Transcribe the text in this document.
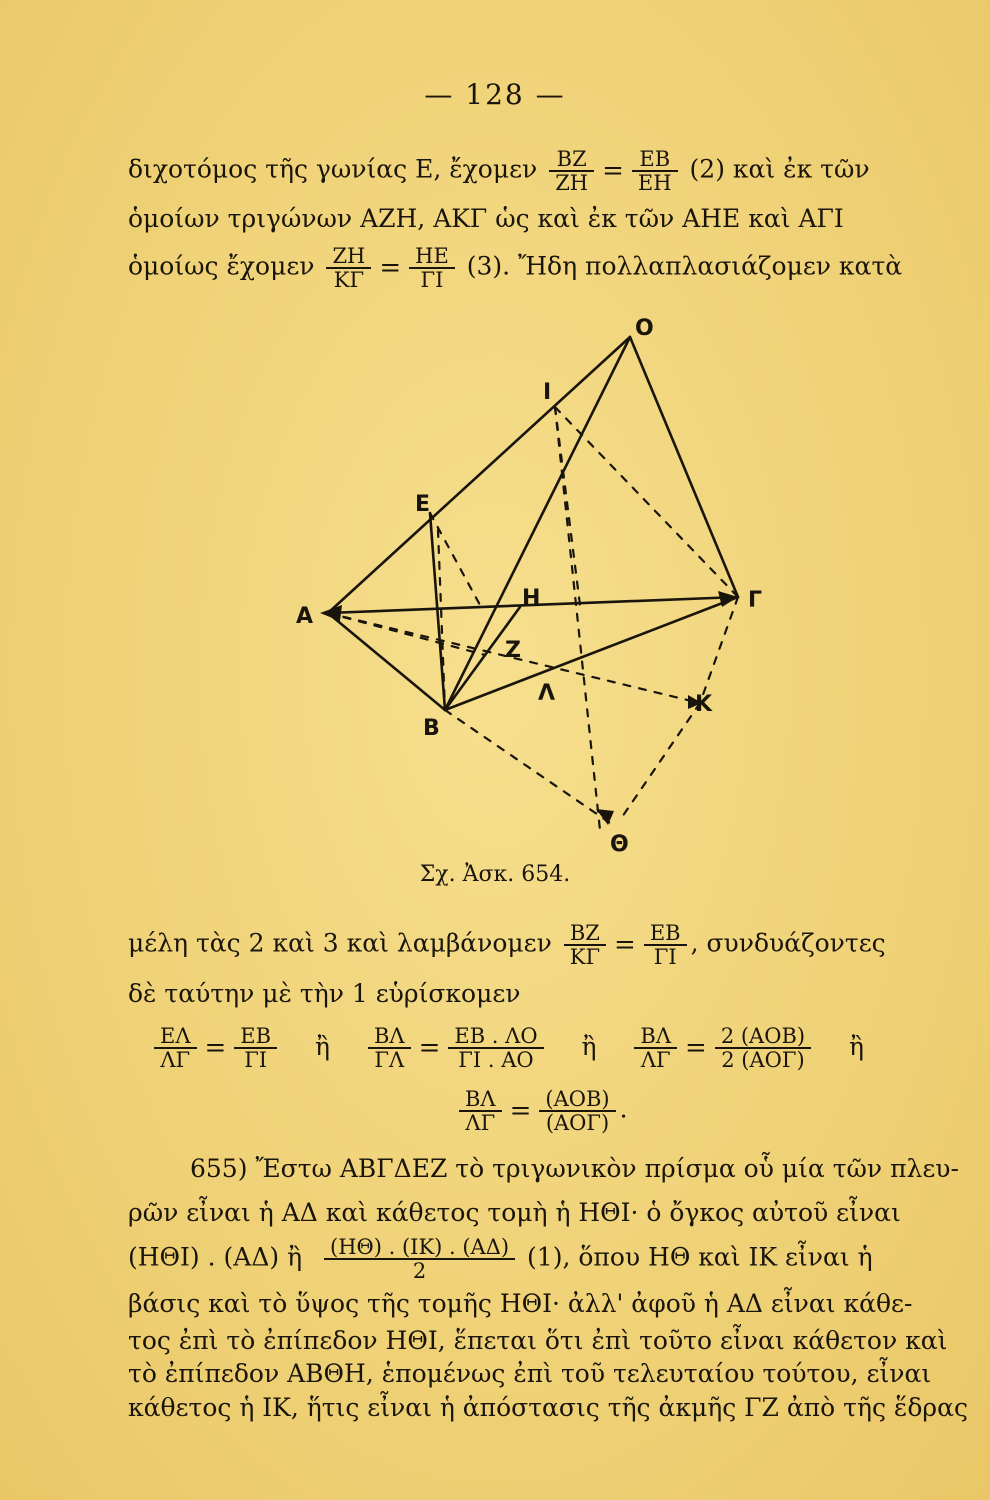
— 128 —
διχοτόμος τῆς γωνίας Ε, ἔχομεν $\frac{BZ}{ZH} = \frac{EB}{EH} (2)$ καὶ ἐκ τῶν
ὁμοίων τριγώνων ΑΖΗ, ΑΚΓ ὡς καὶ ἐκ τῶν ΑΗΕ καὶ ΑΓΙ
ὁμοίως ἔχομεν $\frac{ZH}{K\Gamma} = \frac{HE}{\Gamma I} (3)$. Ἤδη πολλαπλασιάζομεν κατὰ
O
I
E
A
H	Γ
Z
Λ
B
K
Θ
Σχ. Ἀσκ. 654.
μέλη τὰς 2 καὶ 3 καὶ λαμβάνομεν $\frac{BZ}{K\Gamma} = \frac{EB}{\Gamma I}$ , συνδυάζοντες
δὲ ταύτην μὲ τὴν 1 εὑρίσκομεν
$\frac{E\Lambda}{\Lambda\Gamma} = \frac{EB}{\Gamma I}$ ἢ $\frac{B\Lambda}{\Gamma\Lambda} = \frac{EB . \Lambda O}{\Gamma I . AO}$ ἢ $\frac{B\Lambda}{\Lambda\Gamma} = \frac{\text{2 (ΑΟΒ)}}{\text{2 (ΑΟΓ)}}$ ἢ
$\frac{B\Lambda}{\Lambda\Gamma} = \frac{\text{(ΑΟΒ)}}{\text{(ΑΟΓ)}}$ .
655) Ἔστω ΑΒΓΔΕΖ τὸ τριγωνικὸν πρίσμα οὗ μία τῶν πλευ-
ρῶν εἶναι ἡ ΑΔ καὶ κάθετος τομὴ ἡ ΗΘΙ· ὁ ὄγκος αὐτοῦ εἶναι
(ΗΘΙ) . (ΑΔ) ἢ $\frac{(H\Theta) . (IK) . (A\Delta)}{2} (1)$, ὅπου ΗΘ καὶ ΙΚ εἶναι ἡ
βάσις καὶ τὸ ὕψος τῆς τομῆς ΗΘΙ· ἀλλ' ἀφοῦ ἡ ΑΔ εἶναι κάθε-
τος ἐπὶ τὸ ἐπίπεδον ΗΘΙ, ἕπεται ὅτι ἐπὶ τοῦτο εἶναι κάθετον καὶ
τὸ ἐπίπεδον ΑΒΘΗ, ἑπομένως ἐπὶ τοῦ τελευταίου τούτου, εἶναι
κάθετος ἡ ΙΚ, ἥτις εἶναι ἡ ἀπόστασις τῆς ἀκμῆς ΓΖ ἀπὸ τῆς ἕδρας
